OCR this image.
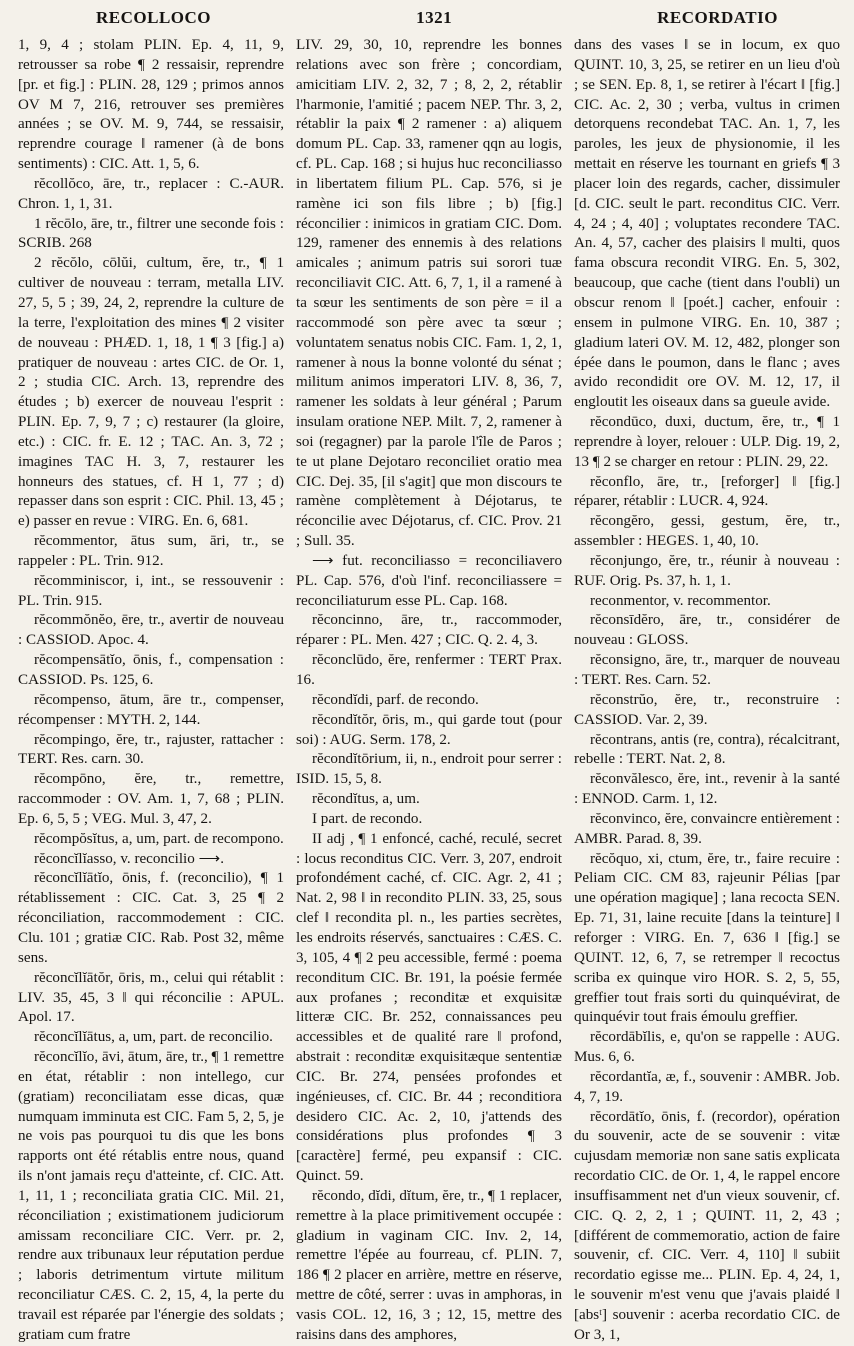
RECOLLOCO	1321	RECORDATIO

1, 9, 4 ; stolam PLIN. Ep. 4, 11, 9, retrousser sa robe ¶ 2 ressaisir, reprendre [pr. et fig.] : PLIN. 28, 129 ; primos annos OV M 7, 216, retrouver ses premières années ; se OV. M. 9, 744, se ressaisir, reprendre courage ‖ ramener (à de bons sentiments) : CIC. Att. 1, 5, 6.

rĕcollŏco, āre, tr., replacer : C.-AUR. Chron. 1, 1, 31.

1 rĕcōlo, āre, tr., filtrer une seconde fois : SCRIB. 268

2 rĕcŏlo, cōlŭi, cultum, ĕre, tr., ¶ 1 cultiver de nouveau : terram, metalla LIV. 27, 5, 5 ; 39, 24, 2, reprendre la culture de la terre, l'exploitation des mines ¶ 2 visiter de nouveau : PHÆD. 1, 18, 1 ¶ 3 [fig.] a) pratiquer de nouveau : artes CIC. de Or. 1, 2 ; studia CIC. Arch. 13, reprendre des études ; b) exercer de nouveau l'esprit : PLIN. Ep. 7, 9, 7 ; c) restaurer (la gloire, etc.) : CIC. fr. E. 12 ; TAC. An. 3, 72 ; imagines TAC H. 3, 7, restaurer les honneurs des statues, cf. H 1, 77 ; d) repasser dans son esprit : CIC. Phil. 13, 45 ; e) passer en revue : VIRG. En. 6, 681.

rĕcommentor, ātus sum, āri, tr., se rappeler : PL. Trin. 912.

rĕcomminiscor, i, int., se ressouvenir : PL. Trin. 915.

rĕcommŏnĕo, ēre, tr., avertir de nouveau : CASSIOD. Apoc. 4.

rĕcompensātĭo, ōnis, f., compensation : CASSIOD. Ps. 125, 6.

rĕcompenso, ātum, āre tr., compenser, récompenser : MYTH. 2, 144.

rĕcompingo, ĕre, tr., rajuster, rattacher : TERT. Res. carn. 30.

rĕcompōno, ĕre, tr., remettre, raccommoder : OV. Am. 1, 7, 68 ; PLIN. Ep. 6, 5, 5 ; VEG. Mul. 3, 47, 2.

rĕcompŏsĭtus, a, um, part. de recompono.

rĕconcĭlĭasso, v. reconcilio ⟶.

rĕconcĭlĭātĭo, ōnis, f. (reconcilio), ¶ 1 rétablissement : CIC. Cat. 3, 25 ¶ 2 réconciliation, raccommodement : CIC. Clu. 101 ; gratiæ CIC. Rab. Post 32, même sens.

rĕconcĭlĭātŏr, ōris, m., celui qui rétablit : LIV. 35, 45, 3 ‖ qui réconcilie : APUL. Apol. 17.

rĕconcĭlĭātus, a, um, part. de reconcilio.

rĕconcĭlĭo, āvi, ātum, āre, tr., ¶ 1 remettre en état, rétablir : non intellego, cur (gratiam) reconciliatam esse dicas, quæ numquam imminuta est CIC. Fam 5, 2, 5, je ne vois pas pourquoi tu dis que les bons rapports ont été rétablis entre nous, quand ils n'ont jamais reçu d'atteinte, cf. CIC. Att. 1, 11, 1 ; reconciliata gratia CIC. Mil. 21, réconciliation ; existimationem judiciorum amissam reconciliare CIC. Verr. pr. 2, rendre aux tribunaux leur réputation perdue ; laboris detrimentum virtute militum reconciliatur CÆS. C. 2, 15, 4, la perte du travail est réparée par l'énergie des soldats ; gratiam cum fratre

LIV. 29, 30, 10, reprendre les bonnes relations avec son frère ; concordiam, amicitiam LIV. 2, 32, 7 ; 8, 2, 2, rétablir l'harmonie, l'amitié ; pacem NEP. Thr. 3, 2, rétablir la paix ¶ 2 ramener : a) aliquem domum PL. Cap. 33, ramener qqn au logis, cf. PL. Cap. 168 ; si hujus huc reconciliasso in libertatem filium PL. Cap. 576, si je ramène ici son fils libre ; b) [fig.] réconcilier : inimicos in gratiam CIC. Dom. 129, ramener des ennemis à des relations amicales ; animum patris sui sorori tuæ reconciliavit CIC. Att. 6, 7, 1, il a ramené à ta sœur les sentiments de son père = il a raccommodé son père avec ta sœur ; voluntatem senatus nobis CIC. Fam. 1, 2, 1, ramener à nous la bonne volonté du sénat ; militum animos imperatori LIV. 8, 36, 7, ramener les soldats à leur général ; Parum insulam oratione NEP. Milt. 7, 2, ramener à soi (regagner) par la parole l'île de Paros ; te ut plane Dejotaro reconciliet oratio mea CIC. Dej. 35, [il s'agit] que mon discours te ramène complètement à Déjotarus, te réconcilie avec Déjotarus, cf. CIC. Prov. 21 ; Sull. 35.

⟶ fut. reconciliasso = reconciliavero PL. Cap. 576, d'où l'inf. reconciliassere = reconciliaturum esse PL. Cap. 168.

rĕconcinno, āre, tr., raccommoder, réparer : PL. Men. 427 ; CIC. Q. 2. 4, 3.

rĕconclūdo, ĕre, renfermer : TERT Prax. 16.

rĕcondĭdi, parf. de recondo.

rĕcondĭtŏr, ōris, m., qui garde tout (pour soi) : AUG. Serm. 178, 2.

rĕcondĭtōrium, ii, n., endroit pour serrer : ISID. 15, 5, 8.

rĕcondĭtus, a, um.

I part. de recondo.

II adj , ¶ 1 enfoncé, caché, reculé, secret : locus reconditus CIC. Verr. 3, 207, endroit profondément caché, cf. CIC. Agr. 2, 41 ; Nat. 2, 98 ‖ in recondito PLIN. 33, 25, sous clef ‖ recondita pl. n., les parties secrètes, les endroits réservés, sanctuaires : CÆS. C. 3, 105, 4 ¶ 2 peu accessible, fermé : poema reconditum CIC. Br. 191, la poésie fermée aux profanes ; reconditæ et exquisitæ litteræ CIC. Br. 252, connaissances peu accessibles et de qualité rare ‖ profond, abstrait : reconditæ exquisitæque sententiæ CIC. Br. 274, pensées profondes et ingénieuses, cf. CIC. Br. 44 ; reconditiora desidero CIC. Ac. 2, 10, j'attends des considérations plus profondes ¶ 3 [caractère] fermé, peu expansif : CIC. Quinct. 59.

rĕcondo, dĭdi, dĭtum, ĕre, tr., ¶ 1 replacer, remettre à la place primitivement occupée : gladium in vaginam CIC. Inv. 2, 14, remettre l'épée au fourreau, cf. PLIN. 7, 186 ¶ 2 placer en arrière, mettre en réserve, mettre de côté, serrer : uvas in amphoras, in vasis COL. 12, 16, 3 ; 12, 15, mettre des raisins dans des amphores,

dans des vases ‖ se in locum, ex quo QUINT. 10, 3, 25, se retirer en un lieu d'où ; se SEN. Ep. 8, 1, se retirer à l'écart ‖ [fig.] CIC. Ac. 2, 30 ; verba, vultus in crimen detorquens recondebat TAC. An. 1, 7, les paroles, les jeux de physionomie, il les mettait en réserve les tournant en griefs ¶ 3 placer loin des regards, cacher, dissimuler [d. CIC. seult le part. reconditus CIC. Verr. 4, 24 ; 4, 40] ; voluptates recondere TAC. An. 4, 57, cacher des plaisirs ‖ multi, quos fama obscura recondit VIRG. En. 5, 302, beaucoup, que cache (tient dans l'oubli) un obscur renom ‖ [poét.] cacher, enfouir : ensem in pulmone VIRG. En. 10, 387 ; gladium lateri OV. M. 12, 482, plonger son épée dans le poumon, dans le flanc ; aves avido recondidit ore OV. M. 12, 17, il engloutit les oiseaux dans sa gueule avide.

rĕcondūco, duxi, ductum, ĕre, tr., ¶ 1 reprendre à loyer, relouer : ULP. Dig. 19, 2, 13 ¶ 2 se charger en retour : PLIN. 29, 22.

rĕconflo, āre, tr., [reforger] ‖ [fig.] réparer, rétablir : LUCR. 4, 924.

rĕcongĕro, gessi, gestum, ĕre, tr., assembler : HEGES. 1, 40, 10.

rĕconjungo, ĕre, tr., réunir à nouveau : RUF. Orig. Ps. 37, h. 1, 1.

reconmentor, v. recommentor.

rĕconsīdĕro, āre, tr., considérer de nouveau : GLOSS.

rĕconsigno, āre, tr., marquer de nouveau : TERT. Res. Carn. 52.

rĕconstrŭo, ĕre, tr., reconstruire : CASSIOD. Var. 2, 39.

rĕcontrans, antis (re, contra), récalcitrant, rebelle : TERT. Nat. 2, 8.

rĕconvălesco, ĕre, int., revenir à la santé : ENNOD. Carm. 1, 12.

rĕconvinco, ĕre, convaincre entièrement : AMBR. Parad. 8, 39.

rĕcŏquo, xi, ctum, ĕre, tr., faire recuire : Peliam CIC. CM 83, rajeunir Pélias [par une opération magique] ; lana recocta SEN. Ep. 71, 31, laine recuite [dans la teinture] ‖ reforger : VIRG. En. 7, 636 ‖ [fig.] se QUINT. 12, 6, 7, se retremper ‖ recoctus scriba ex quinque viro HOR. S. 2, 5, 55, greffier tout frais sorti du quinquévirat, de quinquévir tout frais émoulu greffier.

rĕcordābĭlis, e, qu'on se rappelle : AUG. Mus. 6, 6.

rĕcordantĭa, æ, f., souvenir : AMBR. Job. 4, 7, 19.

rĕcordātĭo, ōnis, f. (recordor), opération du souvenir, acte de se souvenir : vitæ cujusdam memoriæ non sane satis explicata recordatio CIC. de Or. 1, 4, le rappel encore insuffisamment net d'un vieux souvenir, cf. CIC. Q. 2, 2, 1 ; QUINT. 11, 2, 43 ; [différent de commemoratio, action de faire souvenir, cf. CIC. Verr. 4, 110] ‖ subiit recordatio egisse me... PLIN. Ep. 4, 24, 1, le souvenir m'est venu que j'avais plaidé ‖ [absᵗ] souvenir : acerba recordatio CIC. de Or 3, 1,
